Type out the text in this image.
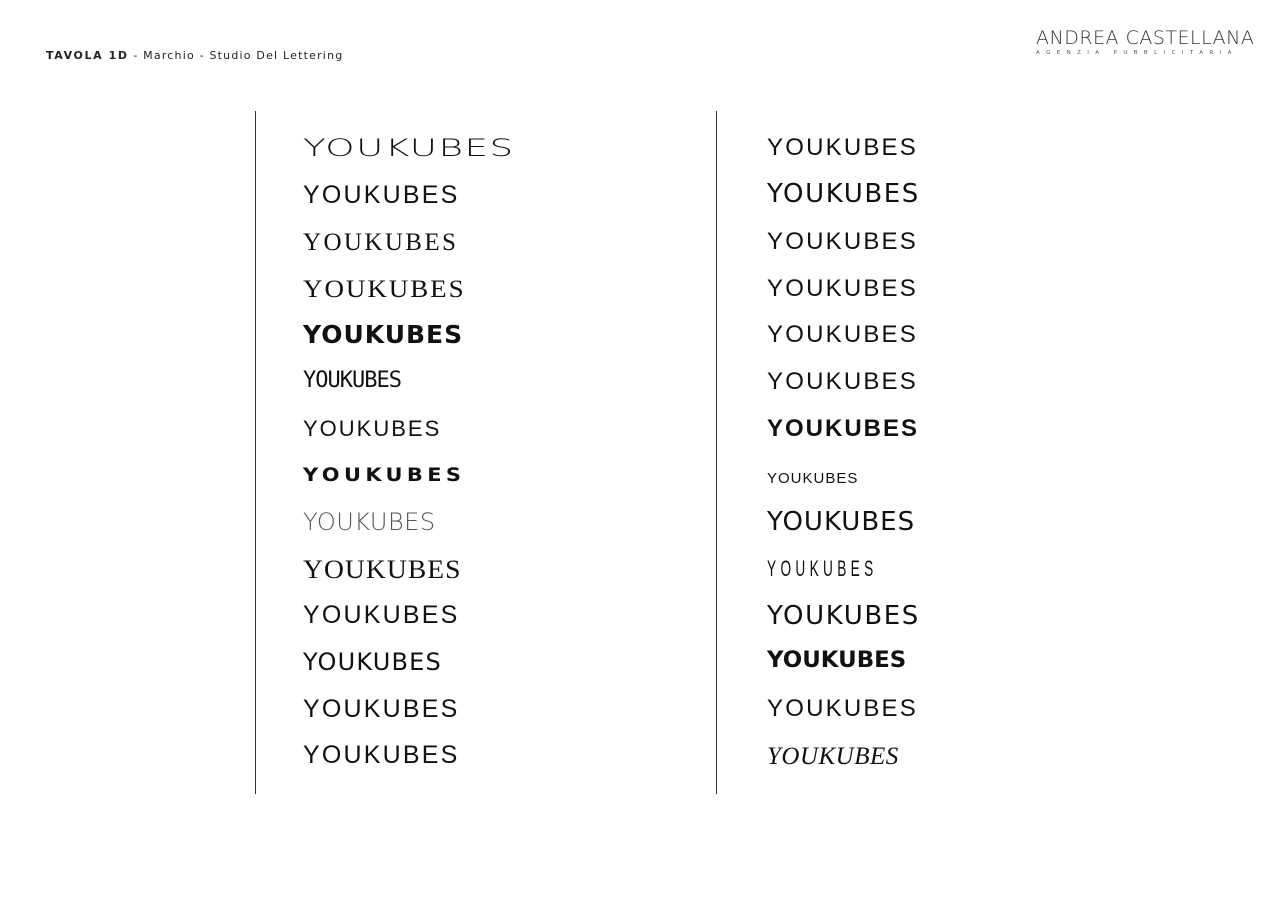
TAVOLA 1D - Marchio - Studio Del Lettering
ANDREA CASTELLANA
AGENZIA PUBBLICITARIA
YOUKUBES
YOUKUBES
YOUKUBES
YOUKUBES
YOUKUBES
YOUKUBES
YOUKUBES
YOUKUBES
YOUKUBES
YOUKUBES
YOUKUBES
YOUKUBES
YOUKUBES
YOUKUBES
YOUKUBES
YOUKUBES
YOUKUBES
YOUKUBES
YOUKUBES
YOUKUBES
YOUKUBES
YOUKUBES
YOUKUBES
YOUKUBES
YOUKUBES
YOUKUBES
YOUKUBES
YOUKUBES
